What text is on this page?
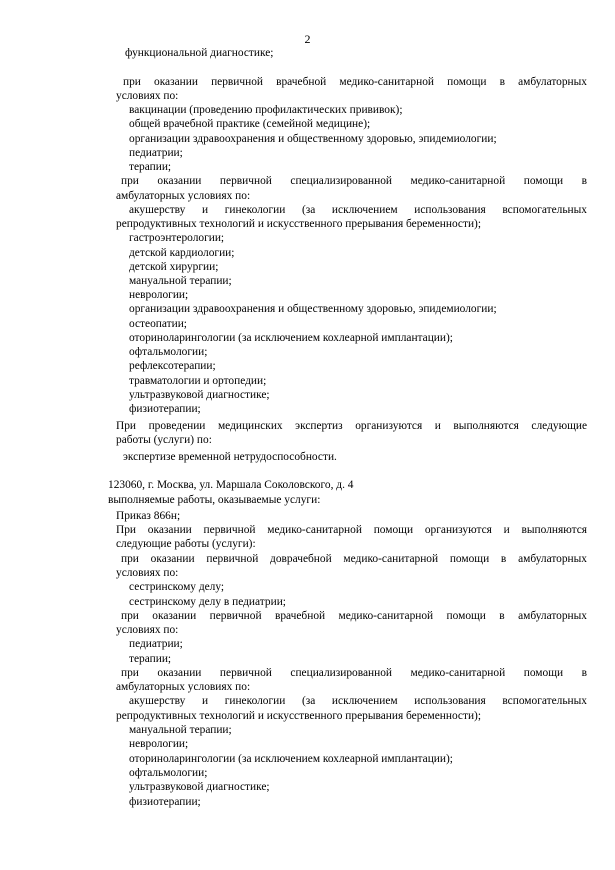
2
функциональной диагностике;
при оказании первичной врачебной медико-санитарной помощи в амбулаторных
условиях по:
вакцинации (проведению профилактических прививок);
общей врачебной практике (семейной медицине);
организации здравоохранения и общественному здоровью, эпидемиологии;
педиатрии;
терапии;
при оказании первичной специализированной медико-санитарной помощи в
амбулаторных условиях по:
акушерству и гинекологии (за исключением использования вспомогательных
репродуктивных технологий и искусственного прерывания беременности);
гастроэнтерологии;
детской кардиологии;
детской хирургии;
мануальной терапии;
неврологии;
организации здравоохранения и общественному здоровью, эпидемиологии;
остеопатии;
оториноларингологии (за исключением кохлеарной имплантации);
офтальмологии;
рефлексотерапии;
травматологии и ортопедии;
ультразвуковой диагностике;
физиотерапии;
При проведении медицинских экспертиз организуются и выполняются следующие
работы (услуги) по:
экспертизе временной нетрудоспособности.
123060, г. Москва, ул. Маршала Соколовского, д. 4
выполняемые работы, оказываемые услуги:
Приказ 866н;
При оказании первичной медико-санитарной помощи организуются и выполняются
следующие работы (услуги):
при оказании первичной доврачебной медико-санитарной помощи в амбулаторных
условиях по:
сестринскому делу;
сестринскому делу в педиатрии;
при оказании первичной врачебной медико-санитарной помощи в амбулаторных
условиях по:
педиатрии;
терапии;
при оказании первичной специализированной медико-санитарной помощи в
амбулаторных условиях по:
акушерству и гинекологии (за исключением использования вспомогательных
репродуктивных технологий и искусственного прерывания беременности);
мануальной терапии;
неврологии;
оториноларингологии (за исключением кохлеарной имплантации);
офтальмологии;
ультразвуковой диагностике;
физиотерапии;
